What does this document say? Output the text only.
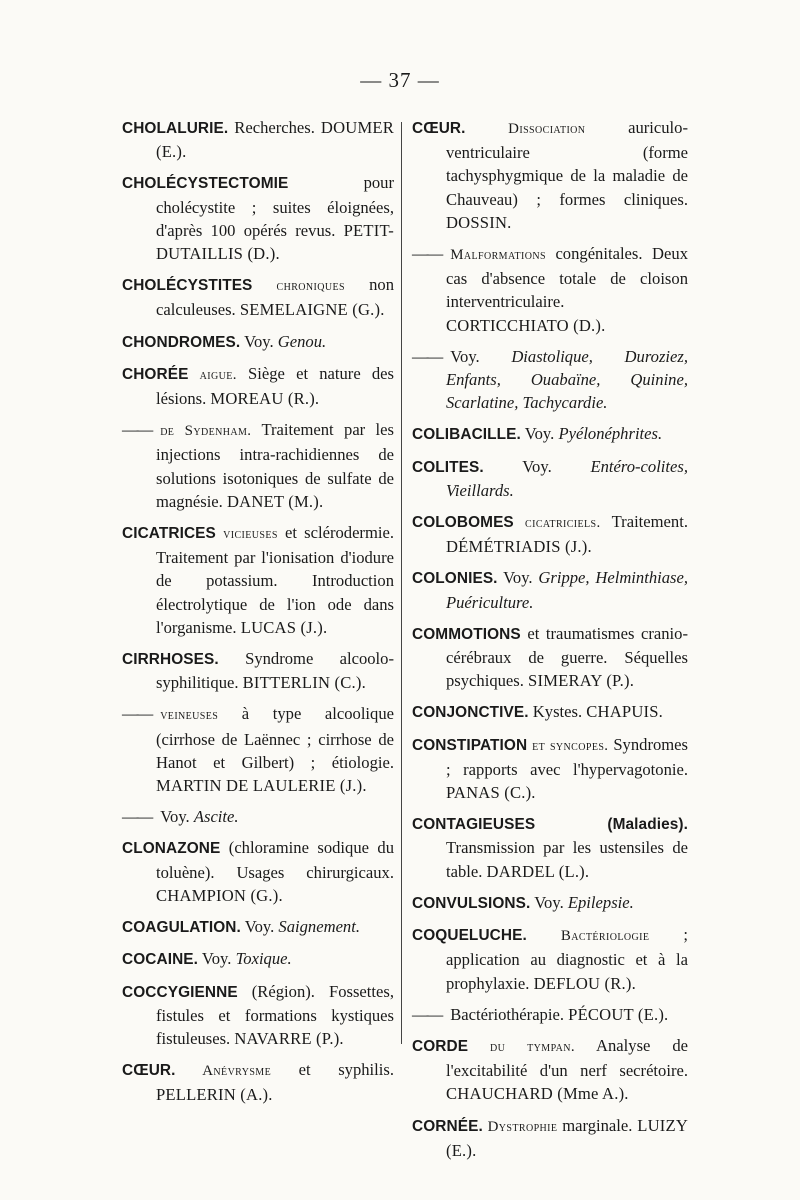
— 37 —

CHOLALURIE. Recherches. DOUMER (E.).

CHOLÉCYSTECTOMIE pour cholécystite ; suites éloignées, d'après 100 opérés revus. PETIT-DUTAILLIS (D.).

CHOLÉCYSTITES chroniques non calculeuses. SEMELAIGNE (G.).

CHONDROMES. Voy. Genou.

CHORÉE aigue. Siège et nature des lésions. MOREAU (R.).

—— de Sydenham. Traitement par les injections intra-rachidiennes de solutions isotoniques de sulfate de magnésie. DANET (M.).

CICATRICES vicieuses et sclérodermie. Traitement par l'ionisation d'iodure de potassium. Introduction électrolytique de l'ion ode dans l'organisme. LUCAS (J.).

CIRRHOSES. Syndrome alcoolo-syphilitique. BITTERLIN (C.).

—— veineuses à type alcoolique (cirrhose de Laënnec ; cirrhose de Hanot et Gilbert) ; étiologie. MARTIN DE LAULERIE (J.).

—— Voy. Ascite.

CLONAZONE (chloramine sodique du toluène). Usages chirurgicaux. CHAMPION (G.).

COAGULATION. Voy. Saignement.

COCAINE. Voy. Toxique.

COCCYGIENNE (Région). Fossettes, fistules et formations kystiques fistuleuses. NAVARRE (P.).

CŒUR. Anévrysme et syphilis. PELLERIN (A.).

CŒUR. Dissociation auriculo-ventriculaire (forme tachysphygmique de la maladie de Chauveau) ; formes cliniques. DOSSIN.

—— Malformations congénitales. Deux cas d'absence totale de cloison interventriculaire. CORTICCHIATO (D.).

—— Voy. Diastolique, Duroziez, Enfants, Ouabaïne, Quinine, Scarlatine, Tachycardie.

COLIBACILLE. Voy. Pyélonéphrites.

COLITES. Voy. Entéro-colites, Vieillards.

COLOBOMES cicatriciels. Traitement. DÉMÉTRIADIS (J.).

COLONIES. Voy. Grippe, Helminthiase, Puériculture.

COMMOTIONS et traumatismes cranio-cérébraux de guerre. Séquelles psychiques. SIMERAY (P.).

CONJONCTIVE. Kystes. CHAPUIS.

CONSTIPATION et syncopes. Syndromes ; rapports avec l'hypervagotonie. PANAS (C.).

CONTAGIEUSES (Maladies). Transmission par les ustensiles de table. DARDEL (L.).

CONVULSIONS. Voy. Epilepsie.

COQUELUCHE. Bactériologie ; application au diagnostic et à la prophylaxie. DEFLOU (R.).

—— Bactériothérapie. PÉCOUT (E.).

CORDE du tympan. Analyse de l'excitabilité d'un nerf secrétoire. CHAUCHARD (Mme A.).

CORNÉE. Dystrophie marginale. LUIZY (E.).
